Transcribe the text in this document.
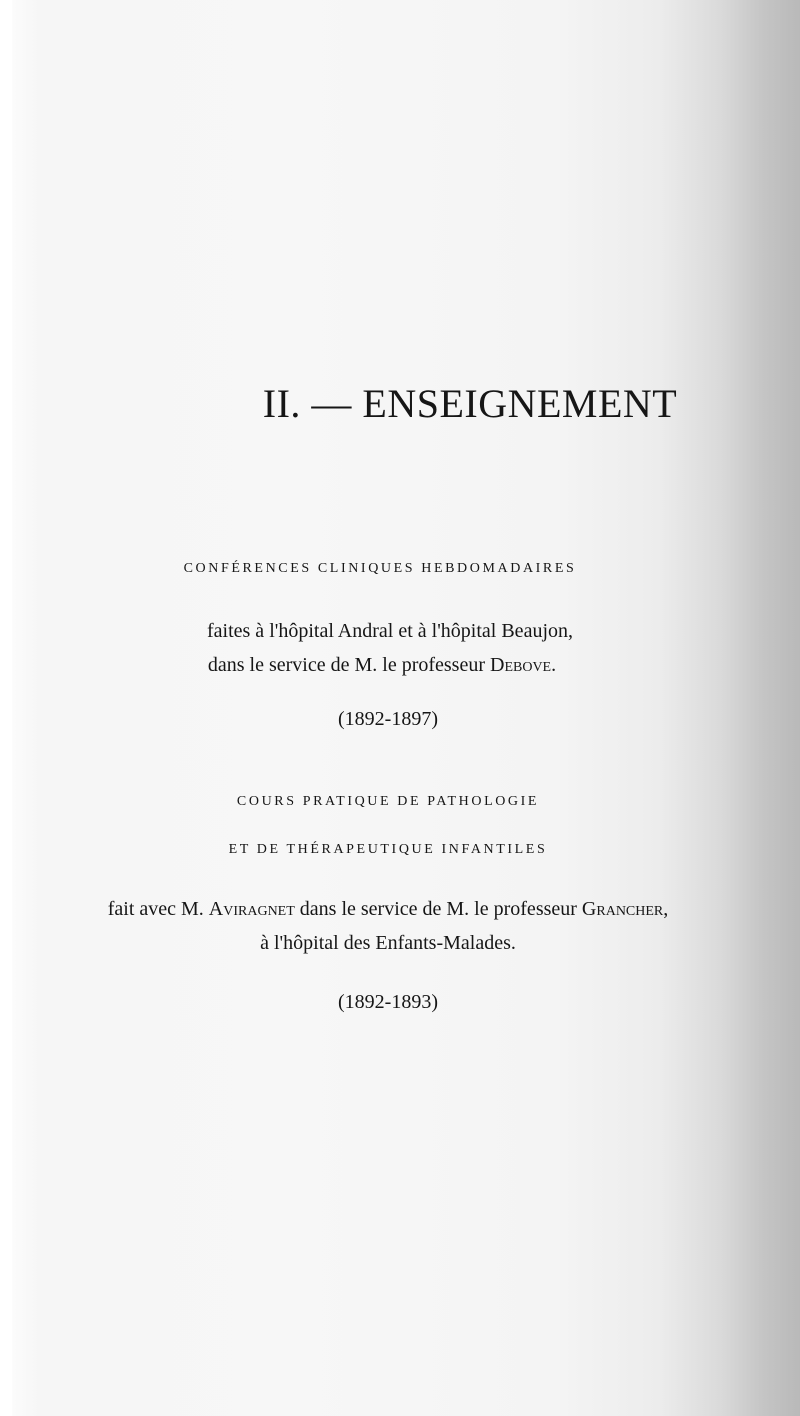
II. — ENSEIGNEMENT
CONFÉRENCES CLINIQUES HEBDOMADAIRES
faites à l'hôpital Andral et à l'hôpital Beaujon,
dans le service de M. le professeur Debove.
(1892-1897)
COURS PRATIQUE DE PATHOLOGIE
ET DE THÉRAPEUTIQUE INFANTILES
fait avec M. Aviragnet dans le service de M. le professeur Grancher,
à l'hôpital des Enfants-Malades.
(1892-1893)
